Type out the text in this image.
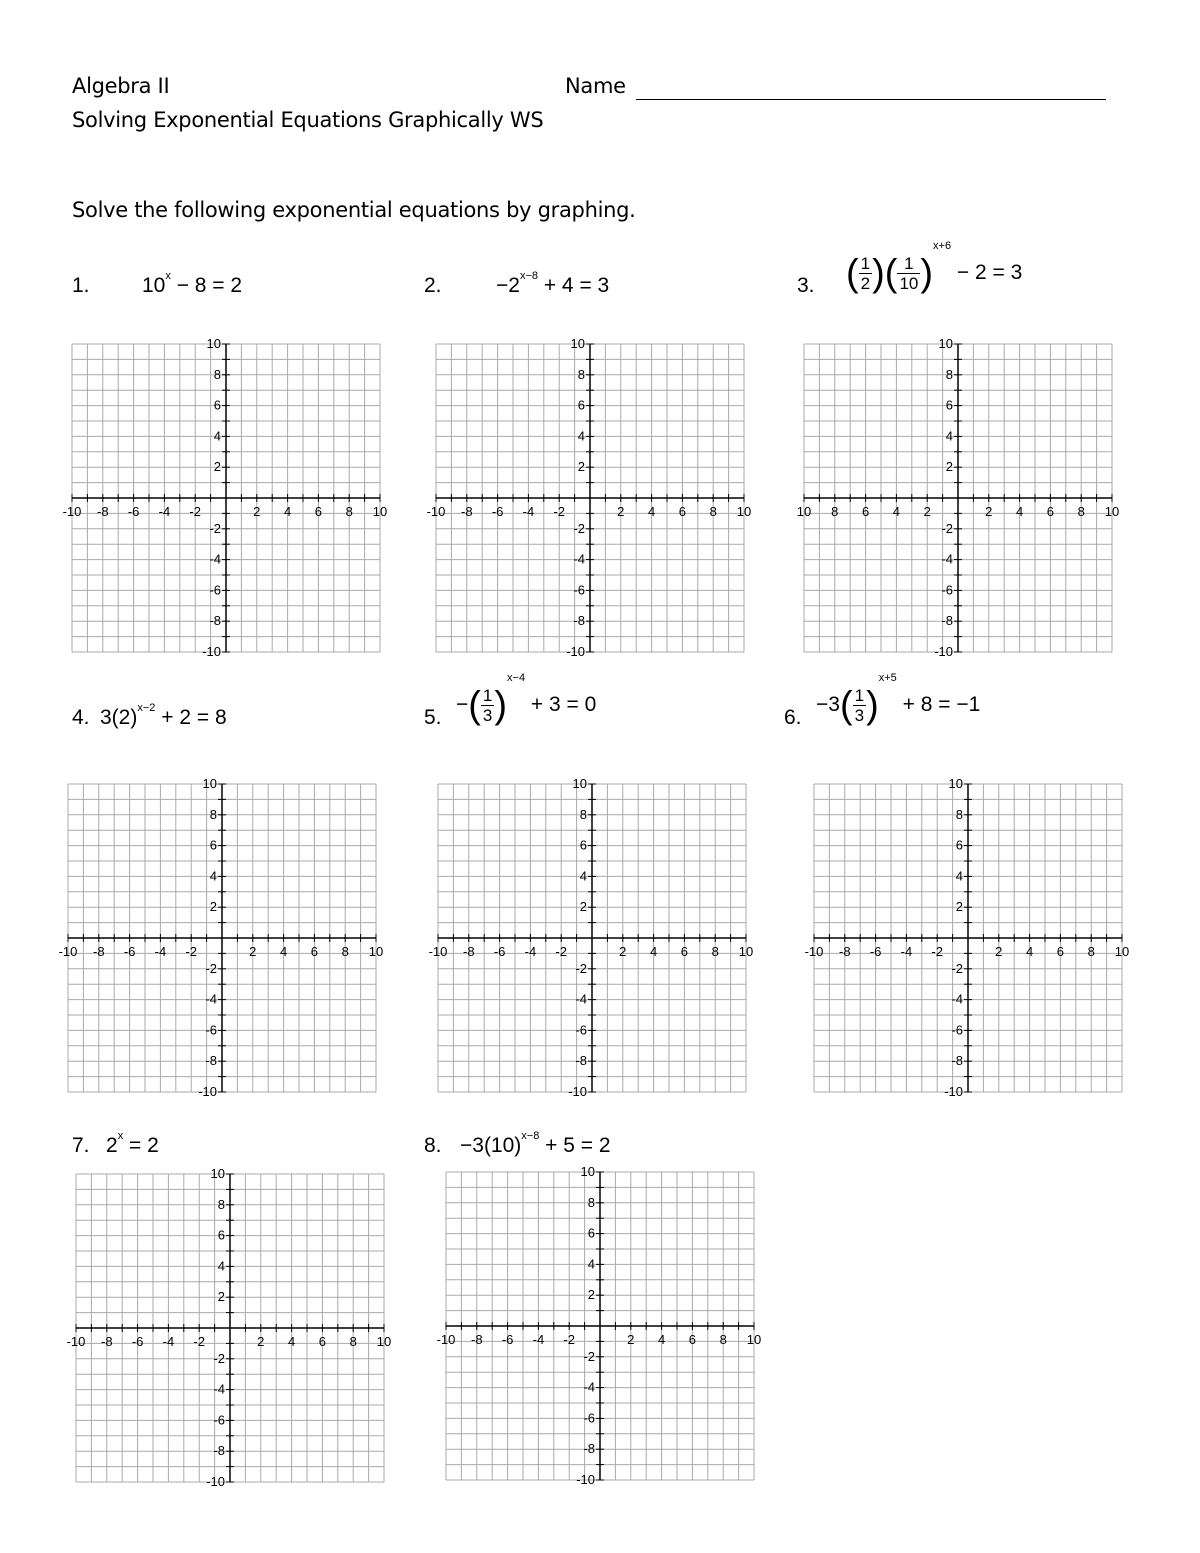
Algebra II
Solving Exponential Equations Graphically WS
Name
Solve the following exponential equations by graphing.
1. $10^x - 8 = 2$	2.	$-2^{x-8} + 4 = 3$	3. ( $\frac{1}{2}$ )( $\frac{1}{10} )^{x+6} - 2 = 3$
4. $3(2)^{x-2} + 2 = 8$	5.
−( $\frac{1}{3} )^{x-4} + 3 = 0$
6.
$-3( \frac{1}{3} )^{x+5} + 8 = -1$
7. $2^x = 2$	8. $-3(10)^{x-8} + 5 = 2$
-10 -8 -6 -4 -2	2 4 6 8 10
10
8
6
4
2
-2
-4
-6
-8
-10
-10 -8 -6 -4 -2	2 4 6 8 10
10
8
6
4
2
-2
-4
-6
-8
-10
10 8 6 4 2	2 4 6 8 10
10
8
6
4
2
-2
-4
-6
-8
-10
-10 -8 -6 -4 -2	2 4 6 8 10
10
8
6
4
2
-2
-4
-6
-8
-10
-10 -8 -6 -4 -2	2 4 6 8 10
10
8
6
4
2
-2
-4
-6
-8
-10
-10 -8 -6 -4 -2	2 4 6 8 10
10
8
6
4
2
-2
-4
-6
-8
-10
-10 -8 -6 -4 -2	2 4 6 8 10
10
8
6
4
2
-2
-4
-6
-8
-10
-10 -8 -6 -4 -2	2 4 6 8 10
10
8
6
4
2
-2
-4
-6
-8
-10
